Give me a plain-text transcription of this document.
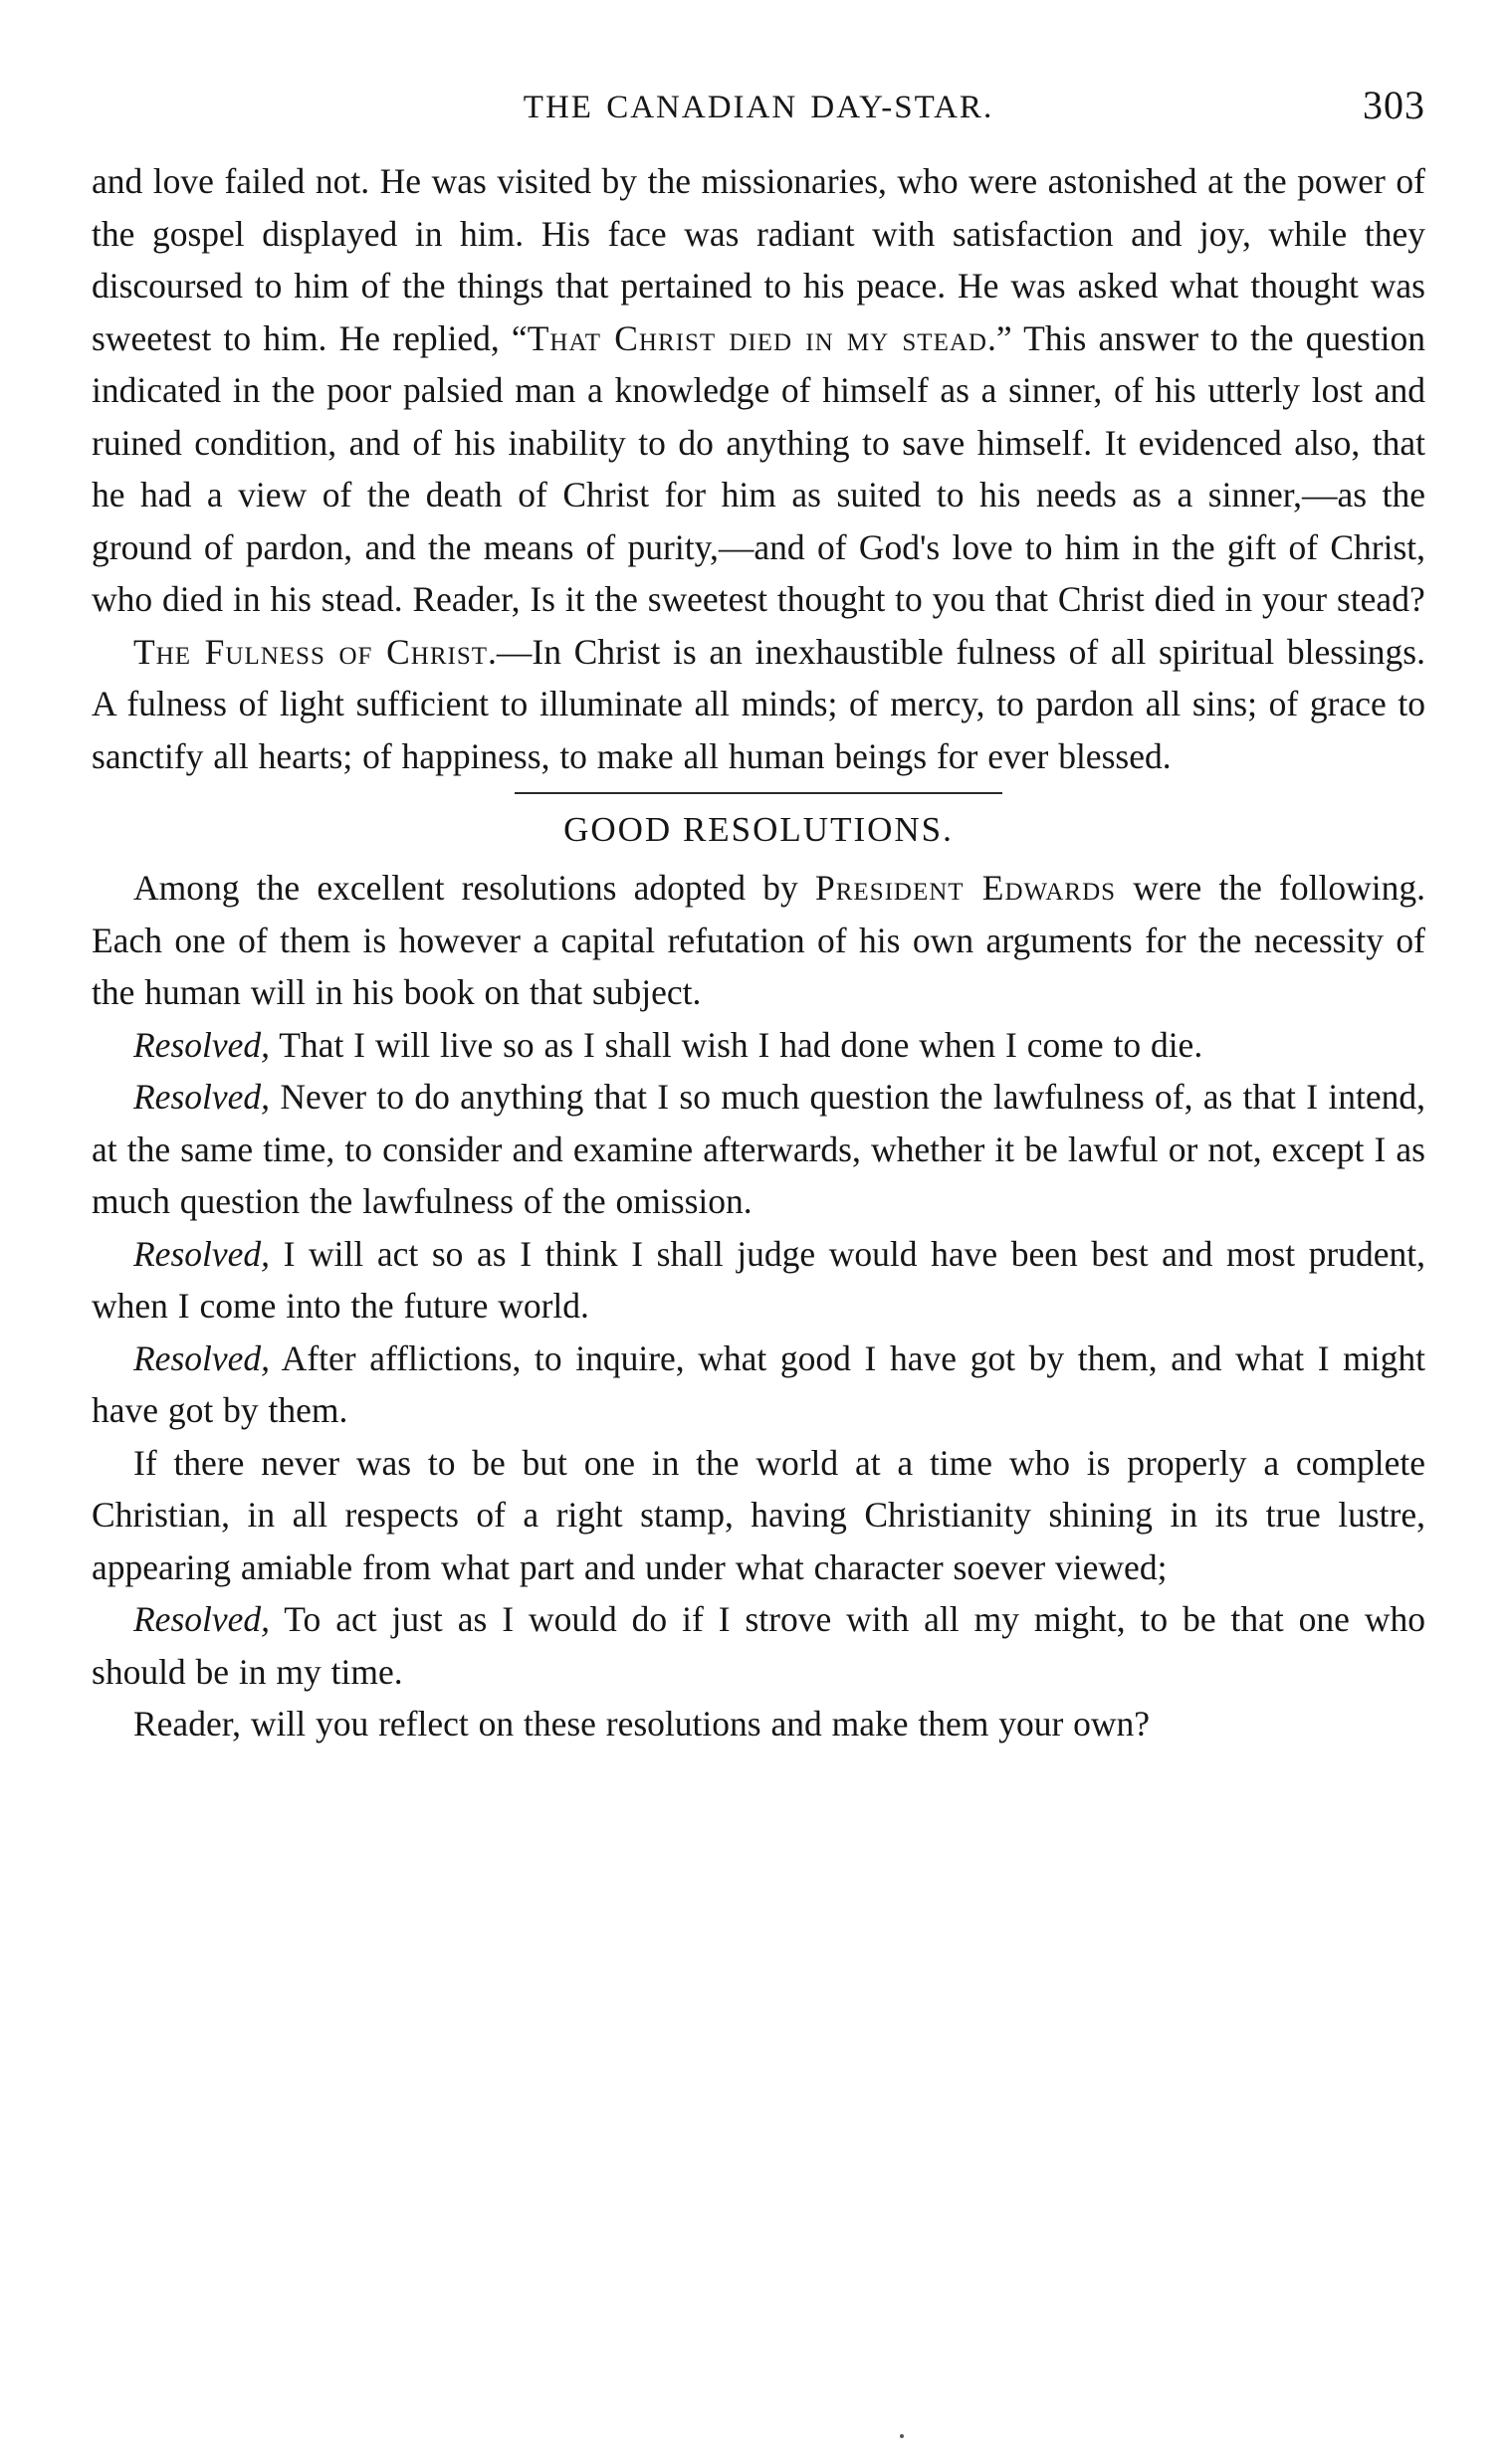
THE CANADIAN DAY-STAR.	303

and love failed not. He was visited by the missionaries, who were astonished at the power of the gospel displayed in him. His face was radiant with satisfaction and joy, while they discoursed to him of the things that pertained to his peace. He was asked what thought was sweetest to him. He replied, “That Christ died in my stead.” This answer to the question indicated in the poor palsied man a knowledge of himself as a sinner, of his utterly lost and ruined condition, and of his inability to do anything to save himself. It evidenced also, that he had a view of the death of Christ for him as suited to his needs as a sinner,—as the ground of pardon, and the means of purity,—and of God's love to him in the gift of Christ, who died in his stead. Reader, Is it the sweetest thought to you that Christ died in your stead?

The Fulness of Christ.—In Christ is an inexhaustible fulness of all spiritual blessings. A fulness of light sufficient to illuminate all minds; of mercy, to pardon all sins; of grace to sanctify all hearts; of happiness, to make all human beings for ever blessed.

GOOD RESOLUTIONS.

Among the excellent resolutions adopted by President Edwards were the following. Each one of them is however a capital refutation of his own arguments for the necessity of the human will in his book on that subject.

Resolved, That I will live so as I shall wish I had done when I come to die.

Resolved, Never to do anything that I so much question the lawfulness of, as that I intend, at the same time, to consider and examine afterwards, whether it be lawful or not, except I as much question the lawfulness of the omission.

Resolved, I will act so as I think I shall judge would have been best and most prudent, when I come into the future world.

Resolved, After afflictions, to inquire, what good I have got by them, and what I might have got by them.

If there never was to be but one in the world at a time who is properly a complete Christian, in all respects of a right stamp, having Christianity shining in its true lustre, appearing amiable from what part and under what character soever viewed;

Resolved, To act just as I would do if I strove with all my might, to be that one who should be in my time.

Reader, will you reflect on these resolutions and make them your own?
